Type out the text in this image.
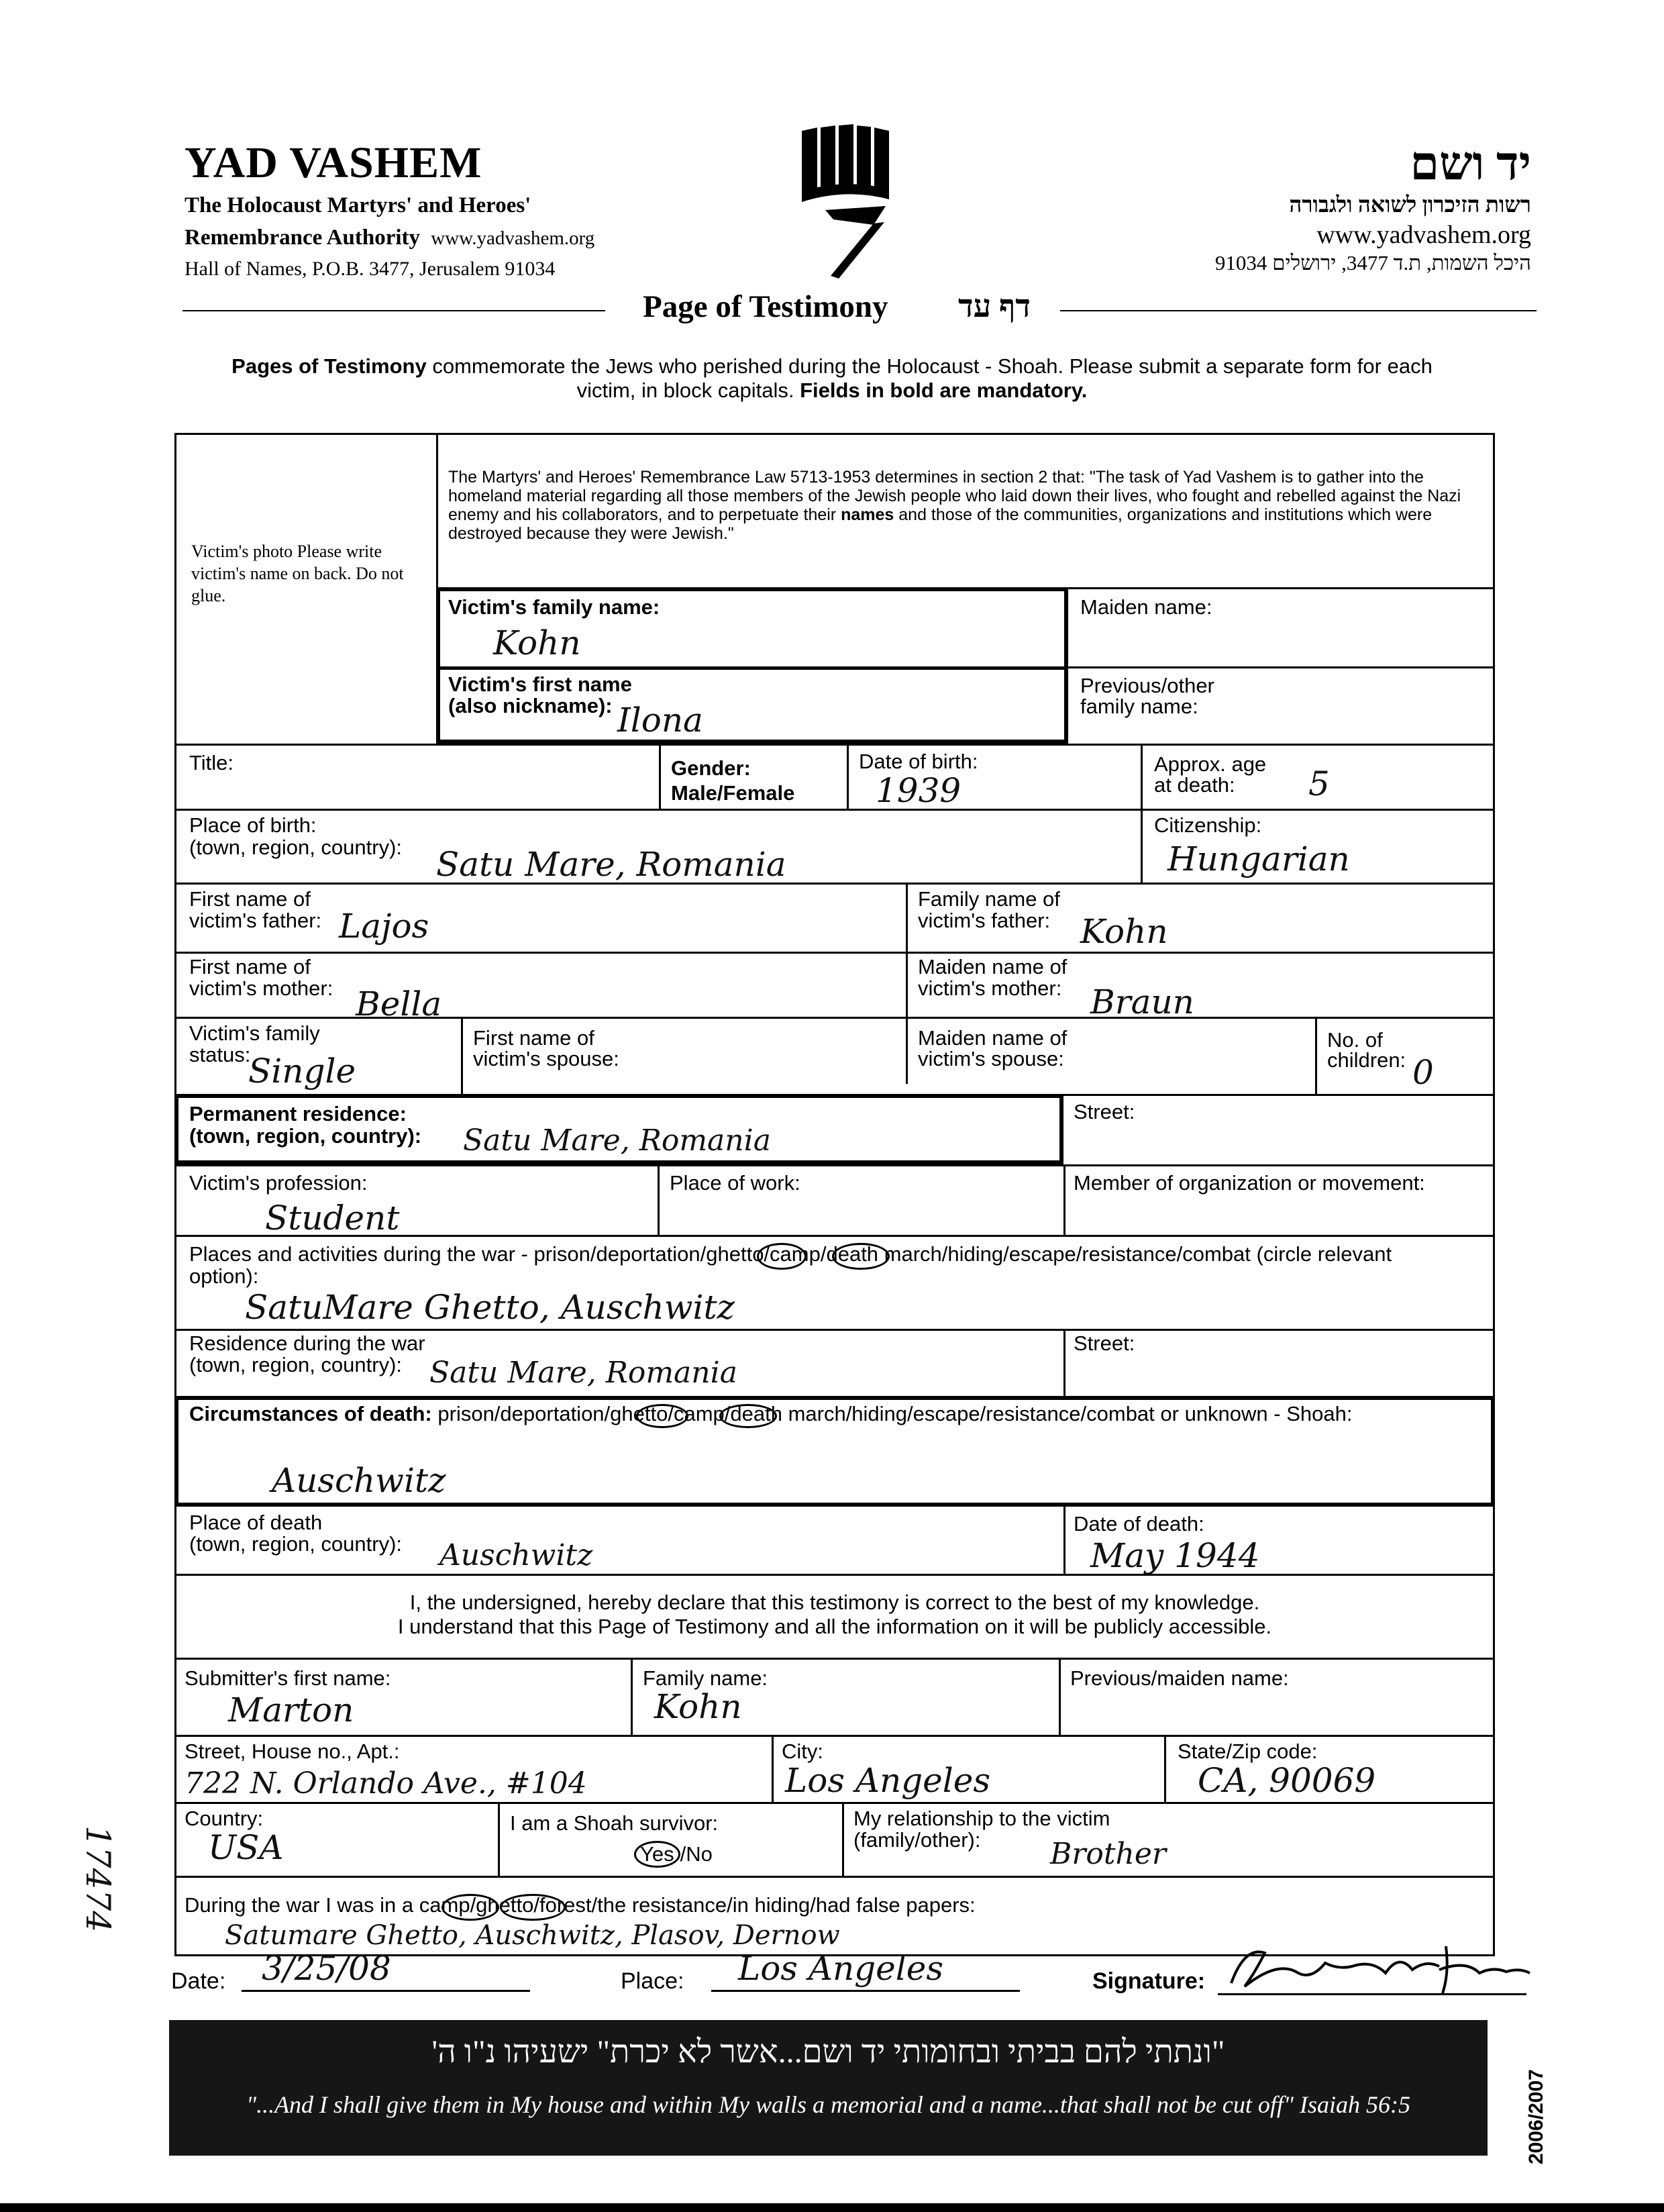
YAD VASHEM
The Holocaust Martyrs' and Heroes'
Remembrance Authority www.yadvashem.org
Hall of Names, P.O.B. 3477, Jerusalem 91034
יד ושם
רשות הזיכרון לשואה ולגבורה
www.yadvashem.org
היכל השמות, ת.ד 3477, ירושלים 91034
Page of Testimony דף עד
Pages of Testimony commemorate the Jews who perished during the Holocaust - Shoah. Please submit a separate form for each
victim, in block capitals. Fields in bold are mandatory.
Victim's photo Please write victim's name on back. Do not glue.
The Martyrs' and Heroes' Remembrance Law 5713-1953 determines in section 2 that: "The task of Yad Vashem is to gather into the homeland material regarding all those members of the Jewish people who laid down their lives, who fought and rebelled against the Nazi enemy and his collaborators, and to perpetuate their names and those of the communities, organizations and institutions which were destroyed because they were Jewish."
Victim's family name:
Kohn
Maiden name:
Victim's first name
(also nickname): Ilona
Previous/other
family name:
Title:	Gender:
Male/Female
Date of birth:
1939
Approx. age
at death: 5
Place of birth:
(town, region, country): Satu Mare, Romania
Citizenship:
Hungarian
First name of
victim's father: Lajos
Family name of
victim's father: Kohn
First name of
victim's mother: Bella
Maiden name of
victim's mother: Braun
Victim's family
status:
Single
First name of
victim's spouse:
Maiden name of
victim's spouse:
No. of
children: 0
Permanent residence:
(town, region, country): Satu Mare, Romania
Street:
Victim's profession:
Student
Place of work:	Member of organization or movement:
Places and activities during the war - prison/deportation/ghetto/camp/death march/hiding/escape/resistance/combat (circle relevant
option):
SatuMare Ghetto, Auschwitz
Residence during the war
(town, region, country): Satu Mare, Romania
Street:
Circumstances of death: prison/deportation/ghetto/camp/death march/hiding/escape/resistance/combat or unknown - Shoah:
Auschwitz
Place of death
(town, region, country): Auschwitz
Date of death:
May 1944
I, the undersigned, hereby declare that this testimony is correct to the best of my knowledge.
I understand that this Page of Testimony and all the information on it will be publicly accessible.
Submitter's first name:
Marton
Family name:
Kohn
Previous/maiden name:
Street, House no., Apt.:
722 N. Orlando Ave., #104
City:
Los Angeles
State/Zip code:
CA, 90069
Country:
USA
I am a Shoah survivor:
Yes /No
My relationship to the victim
(family/other): Brother
During the war I was in a camp/ghetto/forest/the resistance/in hiding/had false papers:
Satumare Ghetto, Auschwitz, Plasov, Dernow
Date: 3/25/08	Place: Los Angeles	Signature:
17474
"ונתתי להם בביתי ובחומותי יד ושם...אשר לא יכרת" ישעיהו נ"ו ה'
"...And I shall give them in My house and within My walls a memorial and a name...that shall not be cut off" Isaiah 56:5	2006/2007
